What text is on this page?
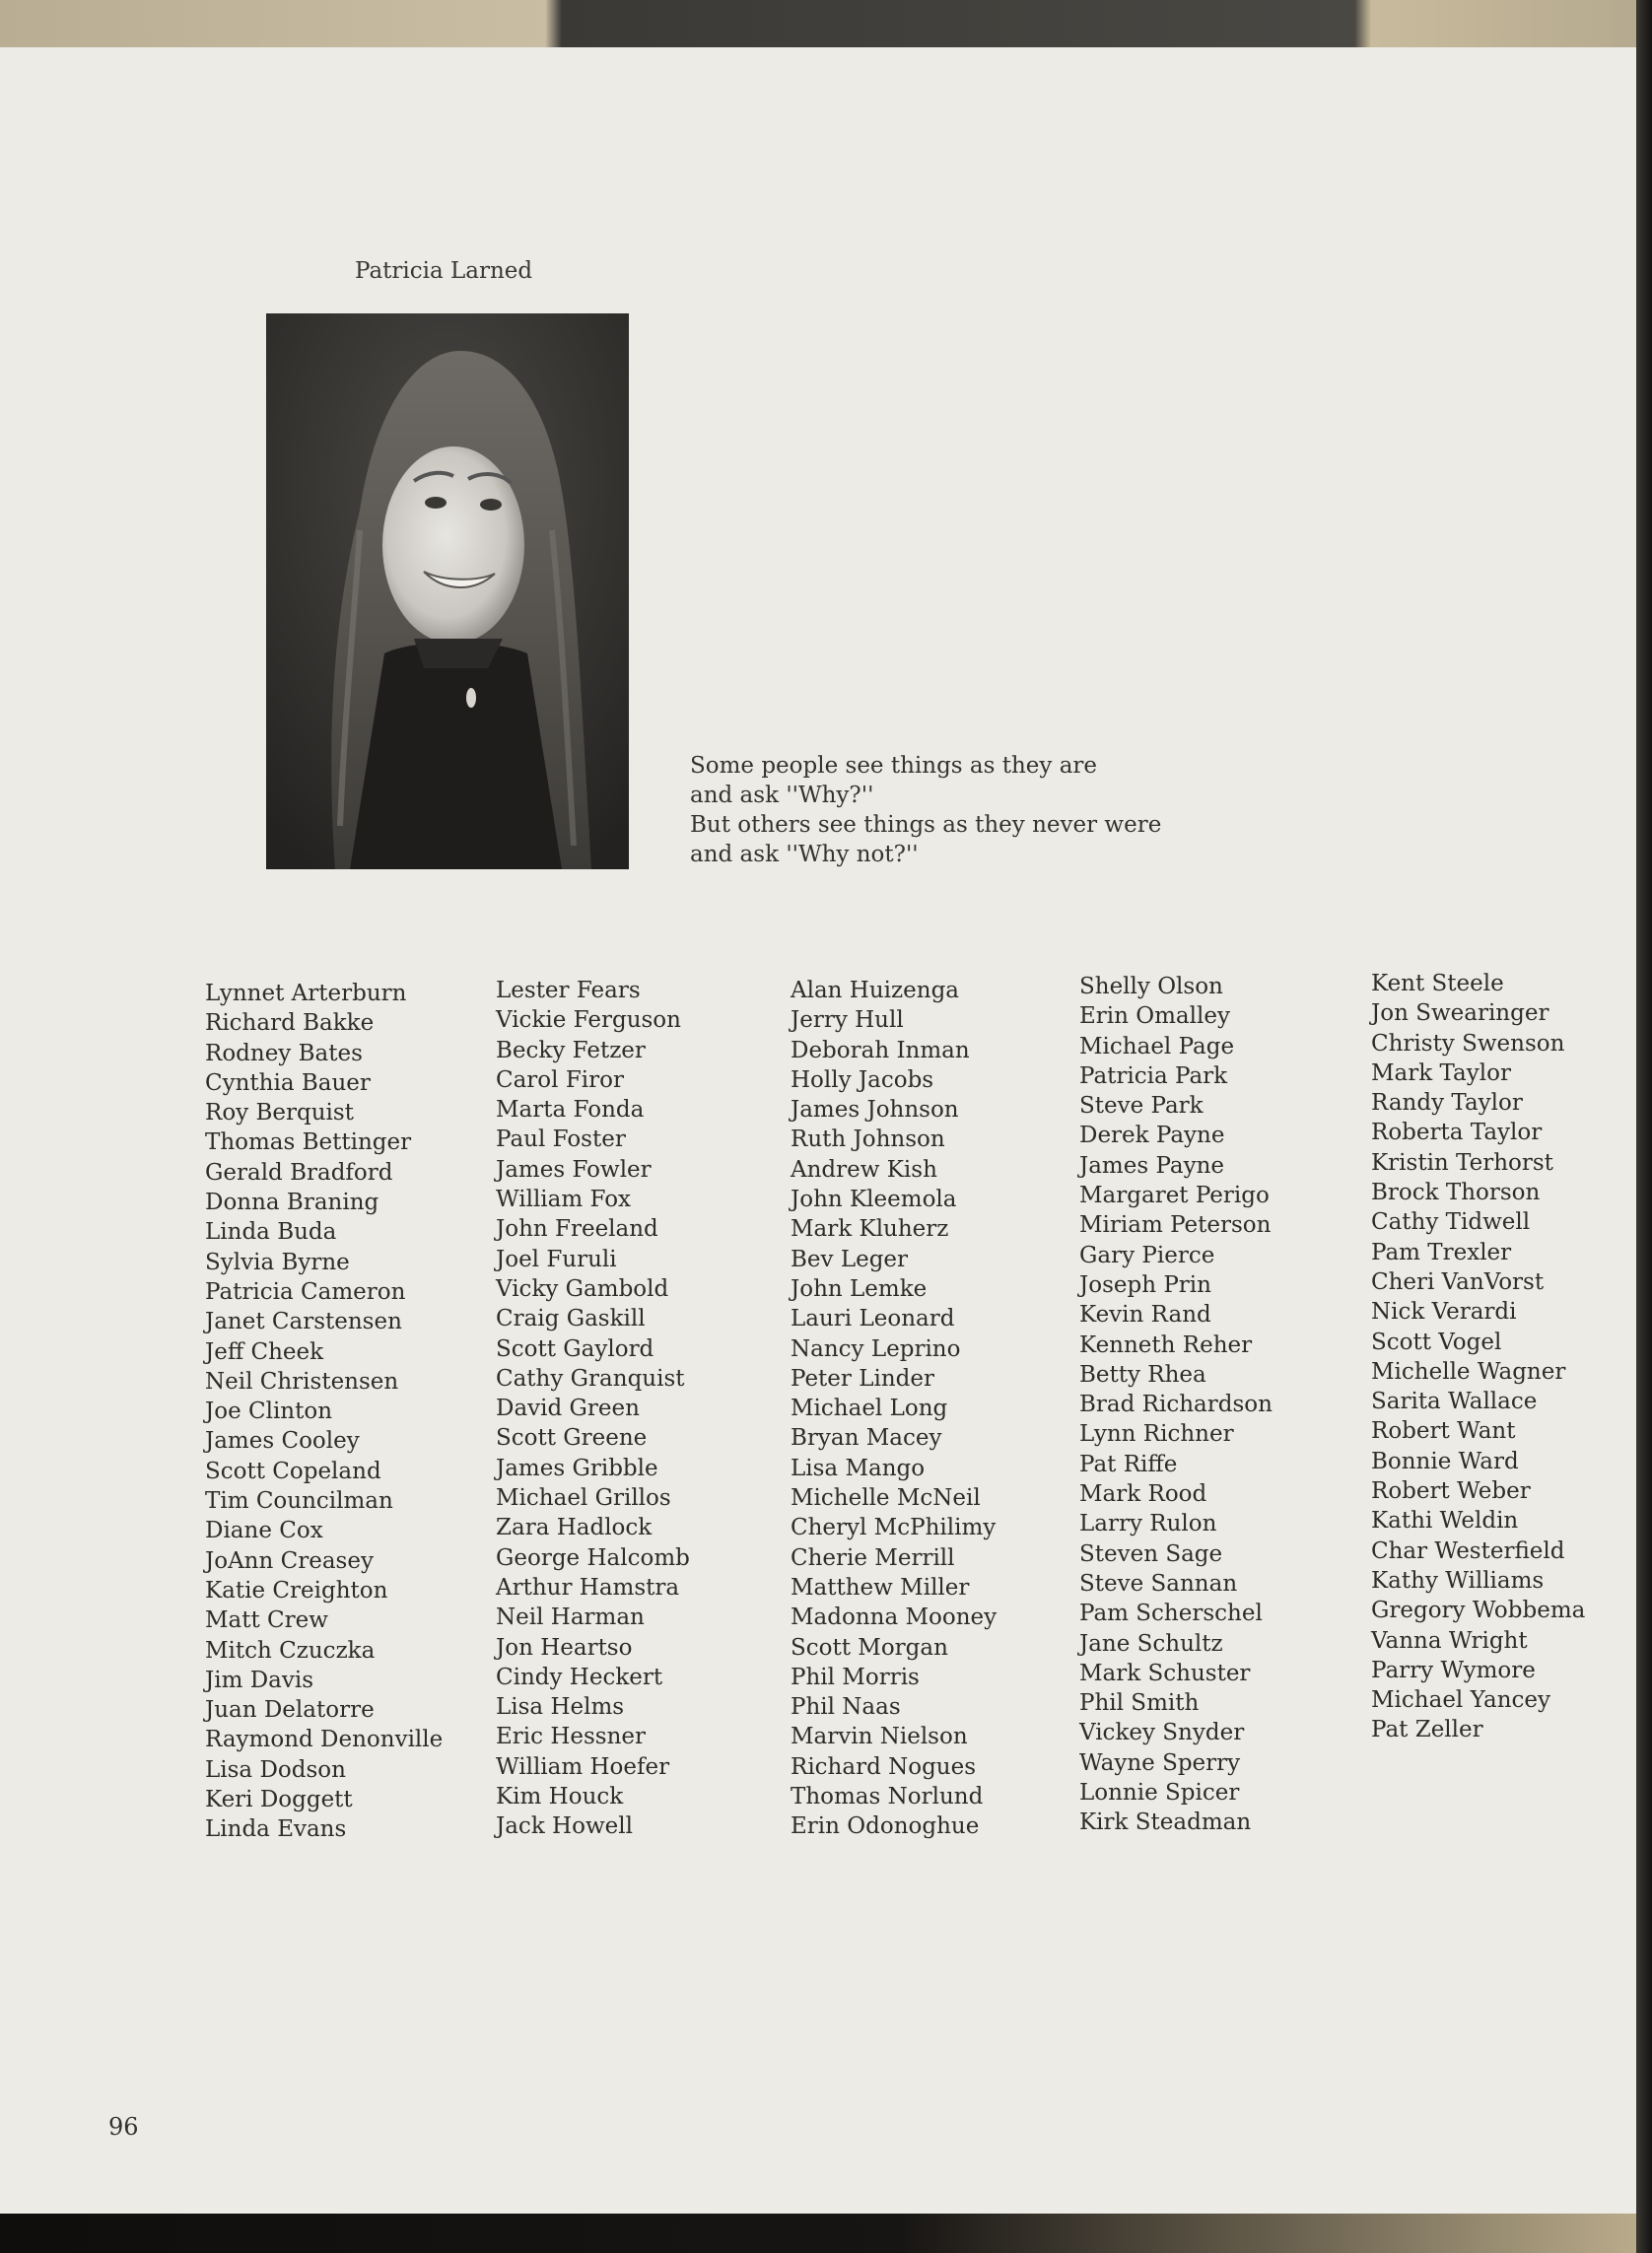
Patricia Larned
Some people see things as they are
and ask ''Why?''
But others see things as they never were
and ask ''Why not?''
Lynnet Arterburn
Richard Bakke
Rodney Bates
Cynthia Bauer
Roy Berquist
Thomas Bettinger
Gerald Bradford
Donna Braning
Linda Buda
Sylvia Byrne
Patricia Cameron
Janet Carstensen
Jeff Cheek
Neil Christensen
Joe Clinton
James Cooley
Scott Copeland
Tim Councilman
Diane Cox
JoAnn Creasey
Katie Creighton
Matt Crew
Mitch Czuczka
Jim Davis
Juan Delatorre
Raymond Denonville
Lisa Dodson
Keri Doggett
Linda Evans
Lester Fears
Vickie Ferguson
Becky Fetzer
Carol Firor
Marta Fonda
Paul Foster
James Fowler
William Fox
John Freeland
Joel Furuli
Vicky Gambold
Craig Gaskill
Scott Gaylord
Cathy Granquist
David Green
Scott Greene
James Gribble
Michael Grillos
Zara Hadlock
George Halcomb
Arthur Hamstra
Neil Harman
Jon Heartso
Cindy Heckert
Lisa Helms
Eric Hessner
William Hoefer
Kim Houck
Jack Howell
Alan Huizenga
Jerry Hull
Deborah Inman
Holly Jacobs
James Johnson
Ruth Johnson
Andrew Kish
John Kleemola
Mark Kluherz
Bev Leger
John Lemke
Lauri Leonard
Nancy Leprino
Peter Linder
Michael Long
Bryan Macey
Lisa Mango
Michelle McNeil
Cheryl McPhilimy
Cherie Merrill
Matthew Miller
Madonna Mooney
Scott Morgan
Phil Morris
Phil Naas
Marvin Nielson
Richard Nogues
Thomas Norlund
Erin Odonoghue
Shelly Olson
Erin Omalley
Michael Page
Patricia Park
Steve Park
Derek Payne
James Payne
Margaret Perigo
Miriam Peterson
Gary Pierce
Joseph Prin
Kevin Rand
Kenneth Reher
Betty Rhea
Brad Richardson
Lynn Richner
Pat Riffe
Mark Rood
Larry Rulon
Steven Sage
Steve Sannan
Pam Scherschel
Jane Schultz
Mark Schuster
Phil Smith
Vickey Snyder
Wayne Sperry
Lonnie Spicer
Kirk Steadman
Kent Steele
Jon Swearinger
Christy Swenson
Mark Taylor
Randy Taylor
Roberta Taylor
Kristin Terhorst
Brock Thorson
Cathy Tidwell
Pam Trexler
Cheri VanVorst
Nick Verardi
Scott Vogel
Michelle Wagner
Sarita Wallace
Robert Want
Bonnie Ward
Robert Weber
Kathi Weldin
Char Westerfield
Kathy Williams
Gregory Wobbema
Vanna Wright
Parry Wymore
Michael Yancey
Pat Zeller
96
